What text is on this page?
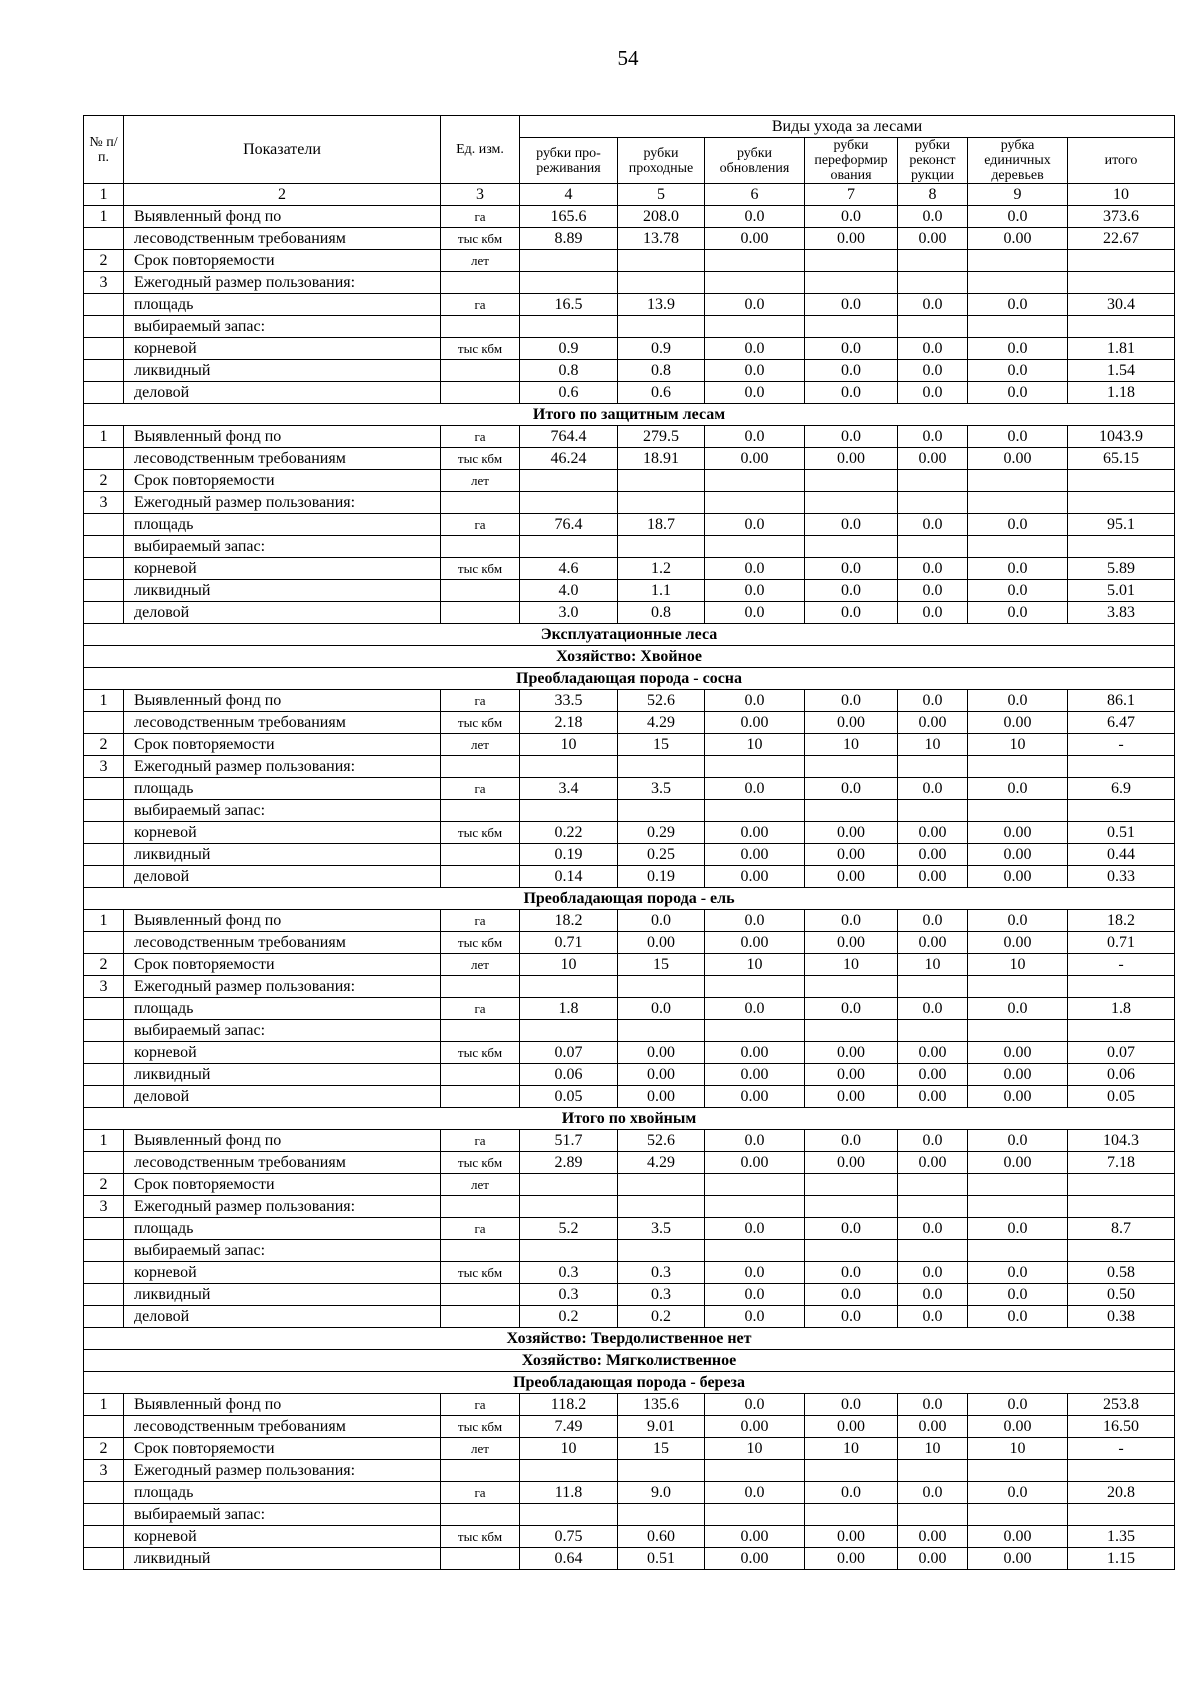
54
№ п/ п.	Показатели	Ед. изм.	Виды ухода за лесами						
			рубки про-реживания	рубки проходные	рубки обновления	рубки переформир ования	рубки реконст рукции	рубка единичных деревьев	итого
1	2	3	4	5	6	7	8	9	10
1	Выявленный фонд по	га	165.6	208.0	0.0	0.0	0.0	0.0	373.6
	лесоводственным требованиям	тыс кбм	8.89	13.78	0.00	0.00	0.00	0.00	22.67
2	Срок повторяемости	лет							
3	Ежегодный размер пользования:								
	площадь	га	16.5	13.9	0.0	0.0	0.0	0.0	30.4
	выбираемый запас:								
	корневой	тыс кбм	0.9	0.9	0.0	0.0	0.0	0.0	1.81
	ликвидный		0.8	0.8	0.0	0.0	0.0	0.0	1.54
	деловой		0.6	0.6	0.0	0.0	0.0	0.0	1.18
Итого по защитным лесам									
1	Выявленный фонд по	га	764.4	279.5	0.0	0.0	0.0	0.0	1043.9
	лесоводственным требованиям	тыс кбм	46.24	18.91	0.00	0.00	0.00	0.00	65.15
2	Срок повторяемости	лет							
3	Ежегодный размер пользования:								
	площадь	га	76.4	18.7	0.0	0.0	0.0	0.0	95.1
	выбираемый запас:								
	корневой	тыс кбм	4.6	1.2	0.0	0.0	0.0	0.0	5.89
	ликвидный		4.0	1.1	0.0	0.0	0.0	0.0	5.01
	деловой		3.0	0.8	0.0	0.0	0.0	0.0	3.83
Эксплуатационные леса									
Хозяйство: Хвойное									
Преобладающая порода - сосна									
1	Выявленный фонд по	га	33.5	52.6	0.0	0.0	0.0	0.0	86.1
	лесоводственным требованиям	тыс кбм	2.18	4.29	0.00	0.00	0.00	0.00	6.47
2	Срок повторяемости	лет	10	15	10	10	10	10	-
3	Ежегодный размер пользования:								
	площадь	га	3.4	3.5	0.0	0.0	0.0	0.0	6.9
	выбираемый запас:								
	корневой	тыс кбм	0.22	0.29	0.00	0.00	0.00	0.00	0.51
	ликвидный		0.19	0.25	0.00	0.00	0.00	0.00	0.44
	деловой		0.14	0.19	0.00	0.00	0.00	0.00	0.33
Преобладающая порода - ель									
1	Выявленный фонд по	га	18.2	0.0	0.0	0.0	0.0	0.0	18.2
	лесоводственным требованиям	тыс кбм	0.71	0.00	0.00	0.00	0.00	0.00	0.71
2	Срок повторяемости	лет	10	15	10	10	10	10	-
3	Ежегодный размер пользования:								
	площадь	га	1.8	0.0	0.0	0.0	0.0	0.0	1.8
	выбираемый запас:								
	корневой	тыс кбм	0.07	0.00	0.00	0.00	0.00	0.00	0.07
	ликвидный		0.06	0.00	0.00	0.00	0.00	0.00	0.06
	деловой		0.05	0.00	0.00	0.00	0.00	0.00	0.05
Итого по хвойным									
1	Выявленный фонд по	га	51.7	52.6	0.0	0.0	0.0	0.0	104.3
	лесоводственным требованиям	тыс кбм	2.89	4.29	0.00	0.00	0.00	0.00	7.18
2	Срок повторяемости	лет							
3	Ежегодный размер пользования:								
	площадь	га	5.2	3.5	0.0	0.0	0.0	0.0	8.7
	выбираемый запас:								
	корневой	тыс кбм	0.3	0.3	0.0	0.0	0.0	0.0	0.58
	ликвидный		0.3	0.3	0.0	0.0	0.0	0.0	0.50
	деловой		0.2	0.2	0.0	0.0	0.0	0.0	0.38
Хозяйство: Твердолиственное нет									
Хозяйство: Мягколиственное									
Преобладающая порода - береза									
1	Выявленный фонд по	га	118.2	135.6	0.0	0.0	0.0	0.0	253.8
	лесоводственным требованиям	тыс кбм	7.49	9.01	0.00	0.00	0.00	0.00	16.50
2	Срок повторяемости	лет	10	15	10	10	10	10	-
3	Ежегодный размер пользования:								
	площадь	га	11.8	9.0	0.0	0.0	0.0	0.0	20.8
	выбираемый запас:								
	корневой	тыс кбм	0.75	0.60	0.00	0.00	0.00	0.00	1.35
	ликвидный		0.64	0.51	0.00	0.00	0.00	0.00	1.15
